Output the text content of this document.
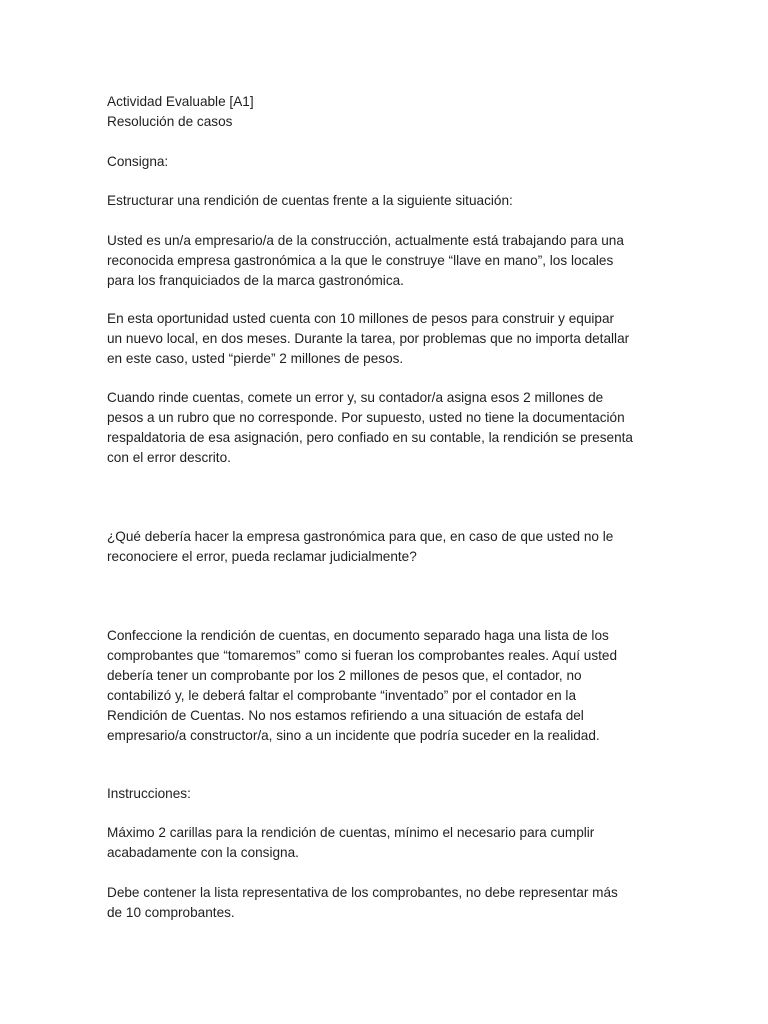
Actividad Evaluable [A1]
Resolución de casos
Consigna:
Estructurar una rendición de cuentas frente a la siguiente situación:
Usted es un/a empresario/a de la construcción, actualmente está trabajando para una
reconocida empresa gastronómica a la que le construye “llave en mano”, los locales
para los franquiciados de la marca gastronómica.
En esta oportunidad usted cuenta con 10 millones de pesos para construir y equipar
un nuevo local, en dos meses. Durante la tarea, por problemas que no importa detallar
en este caso, usted “pierde” 2 millones de pesos.
Cuando rinde cuentas, comete un error y, su contador/a asigna esos 2 millones de
pesos a un rubro que no corresponde. Por supuesto, usted no tiene la documentación
respaldatoria de esa asignación, pero confiado en su contable, la rendición se presenta
con el error descrito.
¿Qué debería hacer la empresa gastronómica para que, en caso de que usted no le
reconociere el error, pueda reclamar judicialmente?
Confeccione la rendición de cuentas, en documento separado haga una lista de los
comprobantes que “tomaremos” como si fueran los comprobantes reales. Aquí usted
debería tener un comprobante por los 2 millones de pesos que, el contador, no
contabilizó y, le deberá faltar el comprobante “inventado” por el contador en la
Rendición de Cuentas. No nos estamos refiriendo a una situación de estafa del
empresario/a constructor/a, sino a un incidente que podría suceder en la realidad.
Instrucciones:
Máximo 2 carillas para la rendición de cuentas, mínimo el necesario para cumplir
acabadamente con la consigna.
Debe contener la lista representativa de los comprobantes, no debe representar más
de 10 comprobantes.
